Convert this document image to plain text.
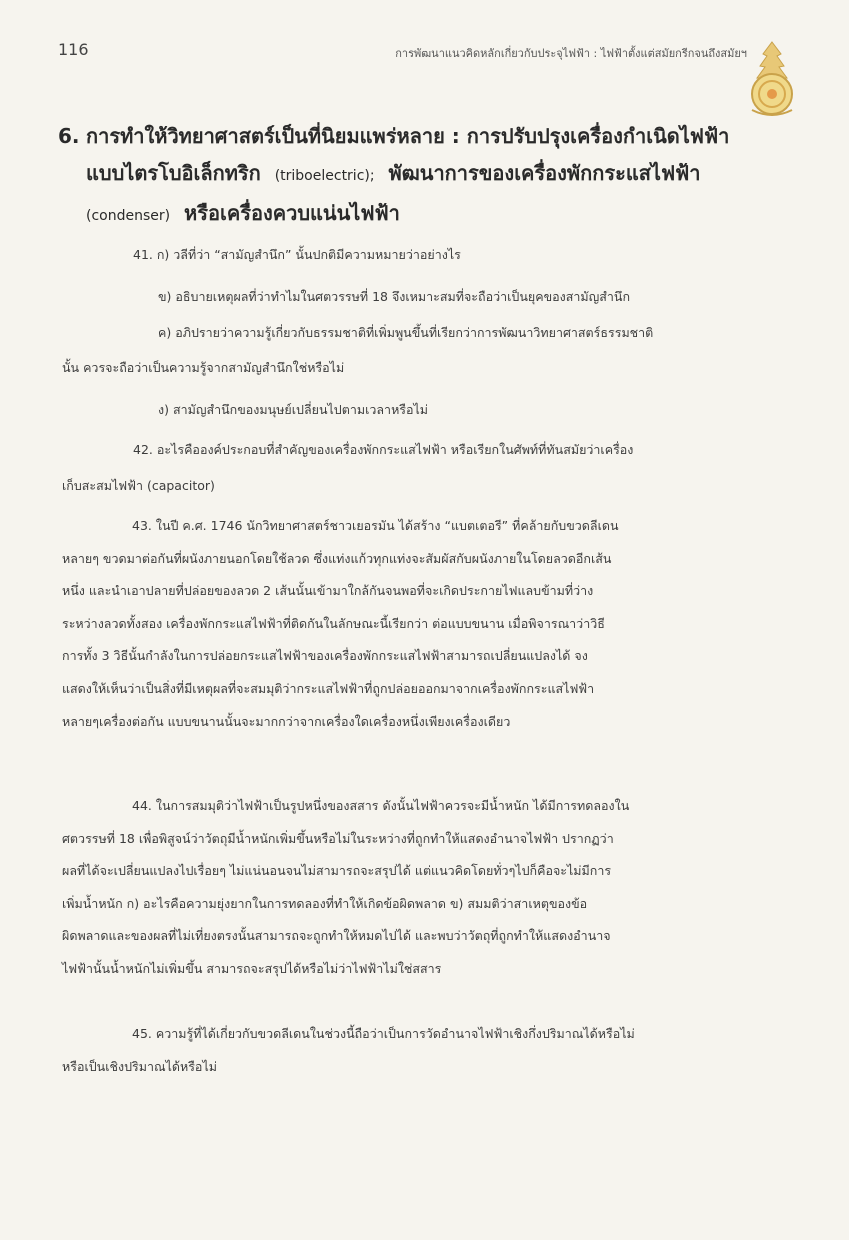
116	การพัฒนาแนวคิดหลักเกี่ยวกับประจุไฟฟ้า : ไฟฟ้าตั้งแต่สมัยกรีกจนถึงสมัยฯ
6. การทำให้วิทยาศาสตร์เป็นที่นิยมแพร่หลาย : การปรับปรุงเครื่องกำเนิดไฟฟ้า
แบบไตรโบอิเล็กทริก (triboelectric); พัฒนาการของเครื่องพักกระแสไฟฟ้า
(condenser) หรือเครื่องควบแน่นไฟฟ้า
41. ก) วลีที่ว่า “สามัญสำนึก” นั้นปกติมีความหมายว่าอย่างไร
ข) อธิบายเหตุผลที่ว่าทำไมในศตวรรษที่ 18 จึงเหมาะสมที่จะถือว่าเป็นยุคของสามัญสำนึก
ค) อภิปรายว่าความรู้เกี่ยวกับธรรมชาติที่เพิ่มพูนขึ้นที่เรียกว่าการพัฒนาวิทยาศาสตร์ธรรมชาติ
นั้น ควรจะถือว่าเป็นความรู้จากสามัญสำนึกใช่หรือไม่
ง) สามัญสำนึกของมนุษย์เปลี่ยนไปตามเวลาหรือไม่
42. อะไรคือองค์ประกอบที่สำคัญของเครื่องพักกระแสไฟฟ้า หรือเรียกในศัพท์ที่ทันสมัยว่าเครื่อง
เก็บสะสมไฟฟ้า (capacitor)
43. ในปี ค.ศ. 1746 นักวิทยาศาสตร์ชาวเยอรมัน ได้สร้าง “แบตเตอรี” ที่คล้ายกับขวดลีเดน
หลายๆ ขวดมาต่อกันที่ผนังภายนอกโดยใช้ลวด ซึ่งแท่งแก้วทุกแท่งจะสัมผัสกับผนังภายในโดยลวดอีกเส้น
หนึ่ง และนำเอาปลายที่ปล่อยของลวด 2 เส้นนั้นเข้ามาใกล้กันจนพอที่จะเกิดประกายไฟแลบข้ามที่ว่าง
ระหว่างลวดทั้งสอง เครื่องพักกระแสไฟฟ้าที่ติดกันในลักษณะนี้เรียกว่า ต่อแบบขนาน เมื่อพิจารณาว่าวิธี
การทั้ง 3 วิธีนั้นกำลังในการปล่อยกระแสไฟฟ้าของเครื่องพักกระแสไฟฟ้าสามารถเปลี่ยนแปลงได้ จง
แสดงให้เห็นว่าเป็นสิ่งที่มีเหตุผลที่จะสมมุติว่ากระแสไฟฟ้าที่ถูกปล่อยออกมาจากเครื่องพักกระแสไฟฟ้า
หลายๆเครื่องต่อกัน แบบขนานนั้นจะมากกว่าจากเครื่องใดเครื่องหนึ่งเพียงเครื่องเดียว
44. ในการสมมุติว่าไฟฟ้าเป็นรูปหนึ่งของสสาร ดังนั้นไฟฟ้าควรจะมีน้ำหนัก ได้มีการทดลองใน
ศตวรรษที่ 18 เพื่อพิสูจน์ว่าวัตถุมีน้ำหนักเพิ่มขึ้นหรือไม่ในระหว่างที่ถูกทำให้แสดงอำนาจไฟฟ้า ปรากฏว่า
ผลที่ได้จะเปลี่ยนแปลงไปเรื่อยๆ ไม่แน่นอนจนไม่สามารถจะสรุปได้ แต่แนวคิดโดยทั่วๆไปก็คือจะไม่มีการ
เพิ่มน้ำหนัก ก) อะไรคือความยุ่งยากในการทดลองที่ทำให้เกิดข้อผิดพลาด ข) สมมติว่าสาเหตุของข้อ
ผิดพลาดและของผลที่ไม่เที่ยงตรงนั้นสามารถจะถูกทำให้หมดไปได้ และพบว่าวัตถุที่ถูกทำให้แสดงอำนาจ
ไฟฟ้านั้นน้ำหนักไม่เพิ่มขึ้น สามารถจะสรุปได้หรือไม่ว่าไฟฟ้าไม่ใช่สสาร
45. ความรู้ที่ได้เกี่ยวกับขวดลีเดนในช่วงนี้ถือว่าเป็นการวัดอำนาจไฟฟ้าเชิงกึ่งปริมาณได้หรือไม่
หรือเป็นเชิงปริมาณได้หรือไม่
